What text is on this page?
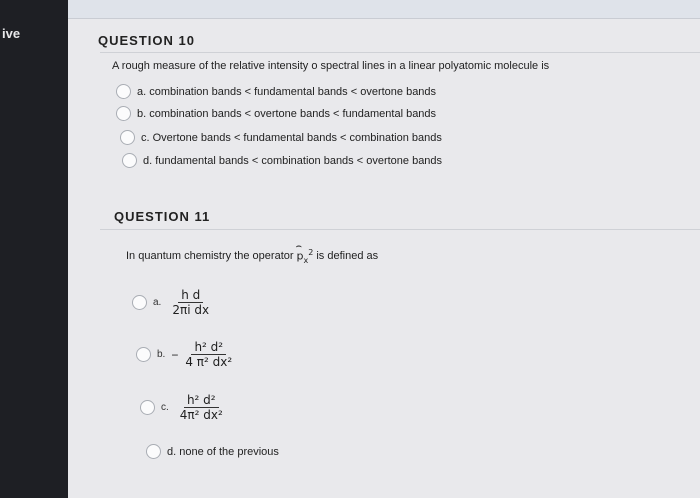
ive	QUESTION 10
A rough measure of the relative intensity o spectral lines in a linear polyatomic molecule is
a. combination bands < fundamental bands < overtone bands
b. combination bands < overtone bands < fundamental bands
c. Overtone bands < fundamental bands < combination bands
d. fundamental bands < combination bands < overtone bands
QUESTION 11
In quantum chemistry the operator
⌢
$p_x^2$ is defined as
a. $\frac{\text{h d}}{\text{2πi dx}}$
b. − $\frac{\text{h² d²}}{\text{4 π² dx²}}$
c. $\frac{\text{h² d²}}{\text{4π² dx²}}$
d. none of the previous
